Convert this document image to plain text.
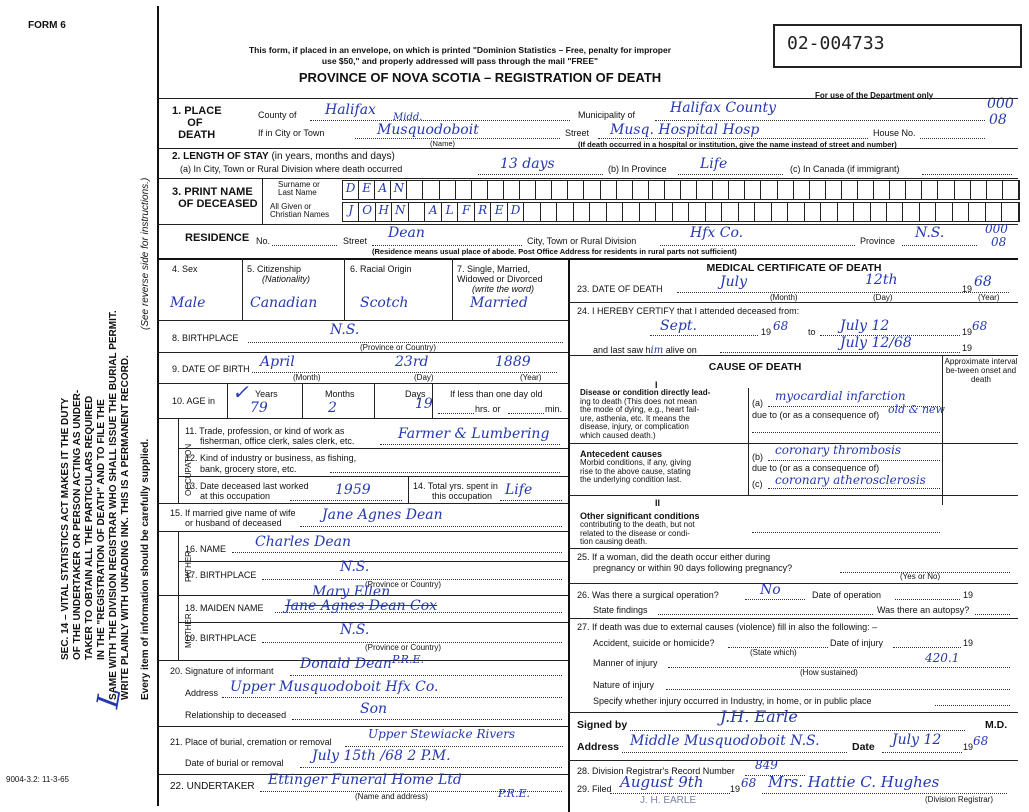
FORM 6
SEC. 14 – VITAL STATISTICS ACT MAKES IT THE DUTY OF THE UNDERTAKER OR PERSON ACTING AS UNDER- TAKER TO OBTAIN ALL THE PARTICULARS REQUIRED IN THE "REGISTRATION OF DEATH" AND TO FILE THE SAME WITH THE DIVISION REGISTRAR WHO SHALL ISSUE THE BURIAL PERMIT. WRITE PLAINLY WITH UNFADING INK. THIS IS A PERMANENT RECORD.
(See reverse side for instructions.)
Every item of information should be carefully supplied.
L
9004-3.2: 11-3-65
This form, if placed in an envelope, on which is printed "Dominion Statistics – Free, penalty for improper
use $50," and properly addressed will pass through the mail "FREE"
PROVINCE OF NOVA SCOTIA – REGISTRATION OF DEATH
02-004733
For use of the Department only
000
08
1. PLACE
OF
DEATH
County of Halifax	Municipality of Halifax County
If in City or Town	Musquodoboit
Midd.
(Name)
Street Musq. Hospital Hosp	House No.
(If death occurred in a hospital or institution, give the name instead of street and number)
2. LENGTH OF STAY (in years, months and days)
(a) In City, Town or Rural Division where death occurred	13 days	(b) In Province Life	(c) In Canada (if immigrant)
3. PRINT NAME
OF DECEASED
Surname or
Last Name
All Given or
Christian Names
D E A N
J O H N A L F R E D
RESIDENCE No.	Street Dean	City, Town or Rural Division	Hfx Co.	Province N.S.	000
08
(Residence means usual place of abode. Post Office Address for residents in rural parts not sufficient)
4. Sex	5. Citizenship
(Nationality)
6. Racial Origin	7. Single, Married, Widowed or Divorced
(write the word)
Male	Canadian	Scotch	Married
8. BIRTHPLACE	N.S.
(Province or Country)
9. DATE OF BIRTH April	23rd	1889
(Month)	(Day)	(Year)
10. AGE in
Years	Months	Days
79	2	19
✓	If less than one day old
hrs. or	min.
OCCUPATION
11. Trade, profession, or kind of work as
fisherman, office clerk, sales clerk, etc.	Farmer & Lumbering
12. Kind of industry or business, as fishing,
bank, grocery store, etc.
13. Date deceased last worked
at this occupation	1959	14. Total yrs. spent in
this occupation Life
15. If married give name of wife
or husband of deceased	Jane Agnes Dean
FATHER
16. NAME Charles Dean
17. BIRTHPLACE	N.S.
(Province or Country)
MOTHER
18. MAIDEN NAME Jane Agnes Dean Cox
Mary Ellen
19. BIRTHPLACE	N.S.
(Province or Country)
20. Signature of informant Donald Dean P.R.E.
Address Upper Musquodoboit Hfx Co.
Relationship to deceased	Son
21. Place of burial, cremation or removal
Upper Stewiacke Rivers
Date of burial or removal July 15th /68 2 P.M.
22. UNDERTAKER Ettinger Funeral Home Ltd
P.R.E.
(Name and address)
MEDICAL CERTIFICATE OF DEATH
23. DATE OF DEATH	July	12th
19 68
(Month)	(Day)	(Year)
24. I HEREBY CERTIFY that I attended deceased from:
Sept.	19 68 to July 12	19 68
and last saw him alive on	July 12/68	19
CAUSE OF DEATH	Approximate interval be-tween onset and death
I
Disease or condition directly lead-
ing to death (This does not mean
the mode of dying, e.g., heart fail-
ure, asthenia, etc. It means the
disease, injury, or complication
which caused death.)
(a) myocardial infarction
old & new
due to (or as a consequence of)
Antecedent causes
Morbid conditions, if any, giving
rise to the above cause, stating
the underlying condition last.
(b) coronary thrombosis
due to (or as a consequence of)
(c) coronary atherosclerosis
II
Other significant conditions
contributing to the death, but not
related to the disease or condi-
tion causing death.
25. If a woman, did the death occur either during
pregnancy or within 90 days following pregnancy?
(Yes or No)
26. Was there a surgical operation?	No	Date of operation	19
State findings	Was there an autopsy?
27. If death was due to external causes (violence) fill in also the following: –
Accident, suicide or homicide?	Date of injury	19
(State which)
Manner of injury	420.1
(How sustained)
Nature of injury
Specify whether injury occurred in Industry, in home, or in public place
Signed by	J.H. Earle	M.D.
Address Middle Musquodoboit N.S.	Date July 12 19 68
28. Division Registrar's Record Number 849
29. Filed August 9th	19 68 Mrs. Hattie C. Hughes
(Division Registrar)
J. H. EARLE
